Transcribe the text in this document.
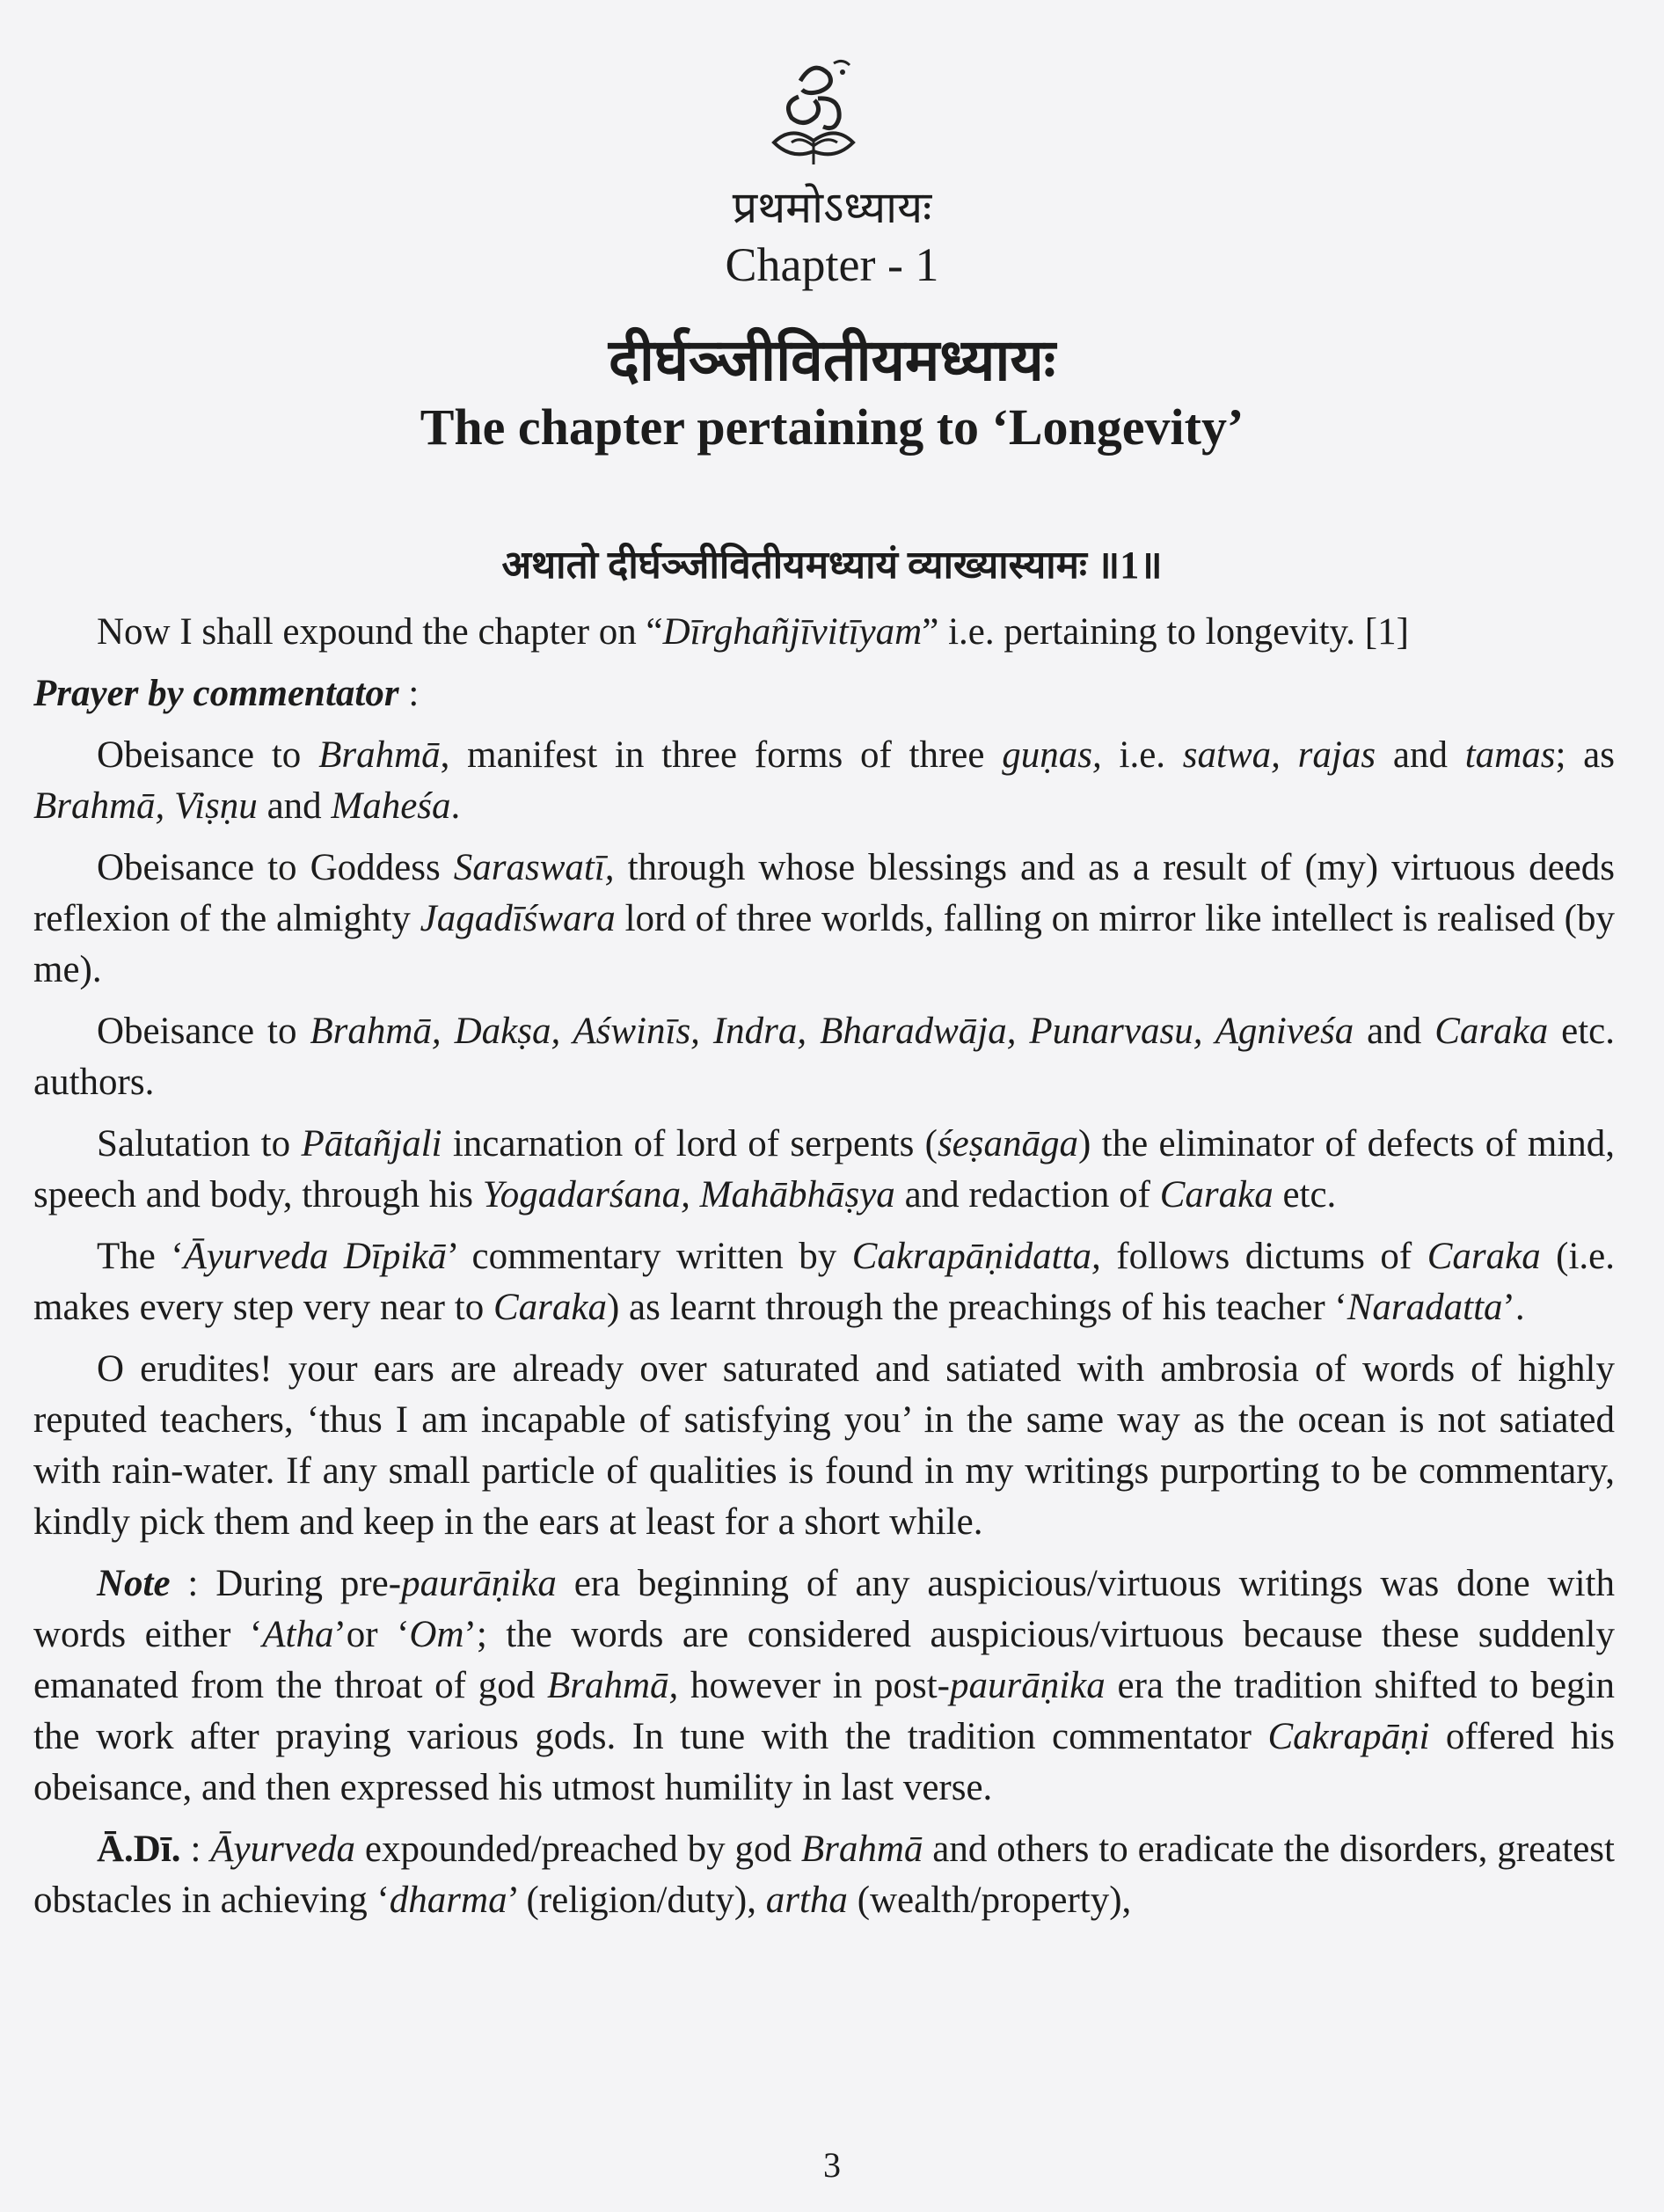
प्रथमोऽध्यायः
Chapter - 1
दीर्घञ्जीवितीयमध्यायः
The chapter pertaining to ‘Longevity’
अथातो दीर्घञ्जीवितीयमध्यायं व्याख्यास्यामः ॥1॥

Now I shall expound the chapter on “Dīrghañjīvitīyam” i.e. pertaining to longevity. [1]

Prayer by commentator :

Obeisance to Brahmā, manifest in three forms of three guṇas, i.e. satwa, rajas and tamas; as Brahmā, Viṣṇu and Maheśa.

Obeisance to Goddess Saraswatī, through whose blessings and as a result of (my) virtuous deeds reflexion of the almighty Jagadīśwara lord of three worlds, falling on mirror like intellect is realised (by me).

Obeisance to Brahmā, Dakṣa, Aświnīs, Indra, Bharadwāja, Punarvasu, Agniveśa and Caraka etc. authors.

Salutation to Pātañjali incarnation of lord of serpents (śeṣanāga) the eliminator of defects of mind, speech and body, through his Yogadarśana, Mahābhāṣya and redaction of Caraka etc.

The ‘Āyurveda Dīpikā’ commentary written by Cakrapāṇidatta, follows dictums of Caraka (i.e. makes every step very near to Caraka) as learnt through the preachings of his teacher ‘Naradatta’.

O erudites! your ears are already over saturated and satiated with ambrosia of words of highly reputed teachers, ‘thus I am incapable of satisfying you’ in the same way as the ocean is not satiated with rain-water. If any small particle of qualities is found in my writings purporting to be commentary, kindly pick them and keep in the ears at least for a short while.

Note : During pre-paurāṇika era beginning of any auspicious/virtuous writings was done with words either ‘Atha’or ‘Om’; the words are considered auspicious/virtuous because these suddenly emanated from the throat of god Brahmā, however in post-paurāṇika era the tradition shifted to begin the work after praying various gods. In tune with the tradition commentator Cakrapāṇi offered his obeisance, and then expressed his utmost humility in last verse.

Ā.Dī. : Āyurveda expounded/preached by god Brahmā and others to eradicate the disorders, greatest obstacles in achieving ‘dharma’ (religion/duty), artha (wealth/property),

3
